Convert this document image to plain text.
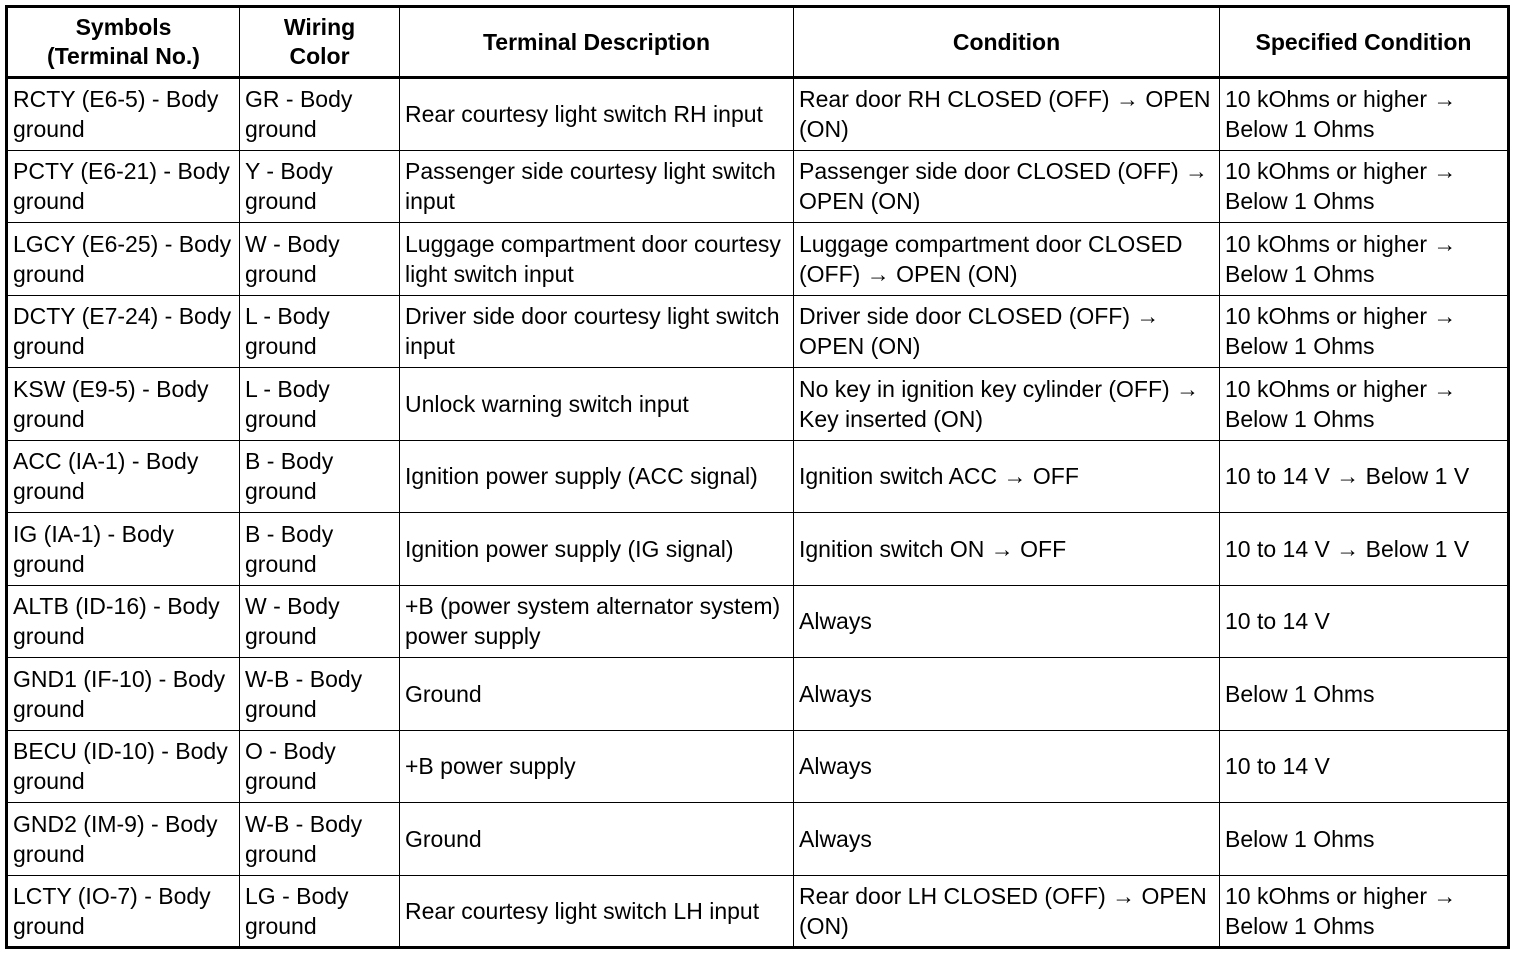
Symbols (Terminal No.)	Wiring Color	Terminal Description	Condition	Specified Condition
RCTY (E6-5) - Body ground	GR - Body ground	Rear courtesy light switch RH input	Rear door RH CLOSED (OFF) → OPEN (ON)	10 kOhms or higher → Below 1 Ohms
PCTY (E6-21) - Body ground	Y - Body ground	Passenger side courtesy light switch input	Passenger side door CLOSED (OFF) → OPEN (ON)	10 kOhms or higher → Below 1 Ohms
LGCY (E6-25) - Body ground	W - Body ground	Luggage compartment door courtesy light switch input	Luggage compartment door CLOSED (OFF) → OPEN (ON)	10 kOhms or higher → Below 1 Ohms
DCTY (E7-24) - Body ground	L - Body ground	Driver side door courtesy light switch input	Driver side door CLOSED (OFF) → OPEN (ON)	10 kOhms or higher → Below 1 Ohms
KSW (E9-5) - Body ground	L - Body ground	Unlock warning switch input	No key in ignition key cylinder (OFF) → Key inserted (ON)	10 kOhms or higher → Below 1 Ohms
ACC (IA-1) - Body ground	B - Body ground	Ignition power supply (ACC signal)	Ignition switch ACC → OFF	10 to 14 V → Below 1 V
IG (IA-1) - Body ground	B - Body ground	Ignition power supply (IG signal)	Ignition switch ON → OFF	10 to 14 V → Below 1 V
ALTB (ID-16) - Body ground	W - Body ground	+B (power system alternator system) power supply	Always	10 to 14 V
GND1 (IF-10) - Body ground	W-B - Body ground	Ground	Always	Below 1 Ohms
BECU (ID-10) - Body ground	O - Body ground	+B power supply	Always	10 to 14 V
GND2 (IM-9) - Body ground	W-B - Body ground	Ground	Always	Below 1 Ohms
LCTY (IO-7) - Body ground	LG - Body ground	Rear courtesy light switch LH input	Rear door LH CLOSED (OFF) → OPEN (ON)	10 kOhms or higher → Below 1 Ohms
